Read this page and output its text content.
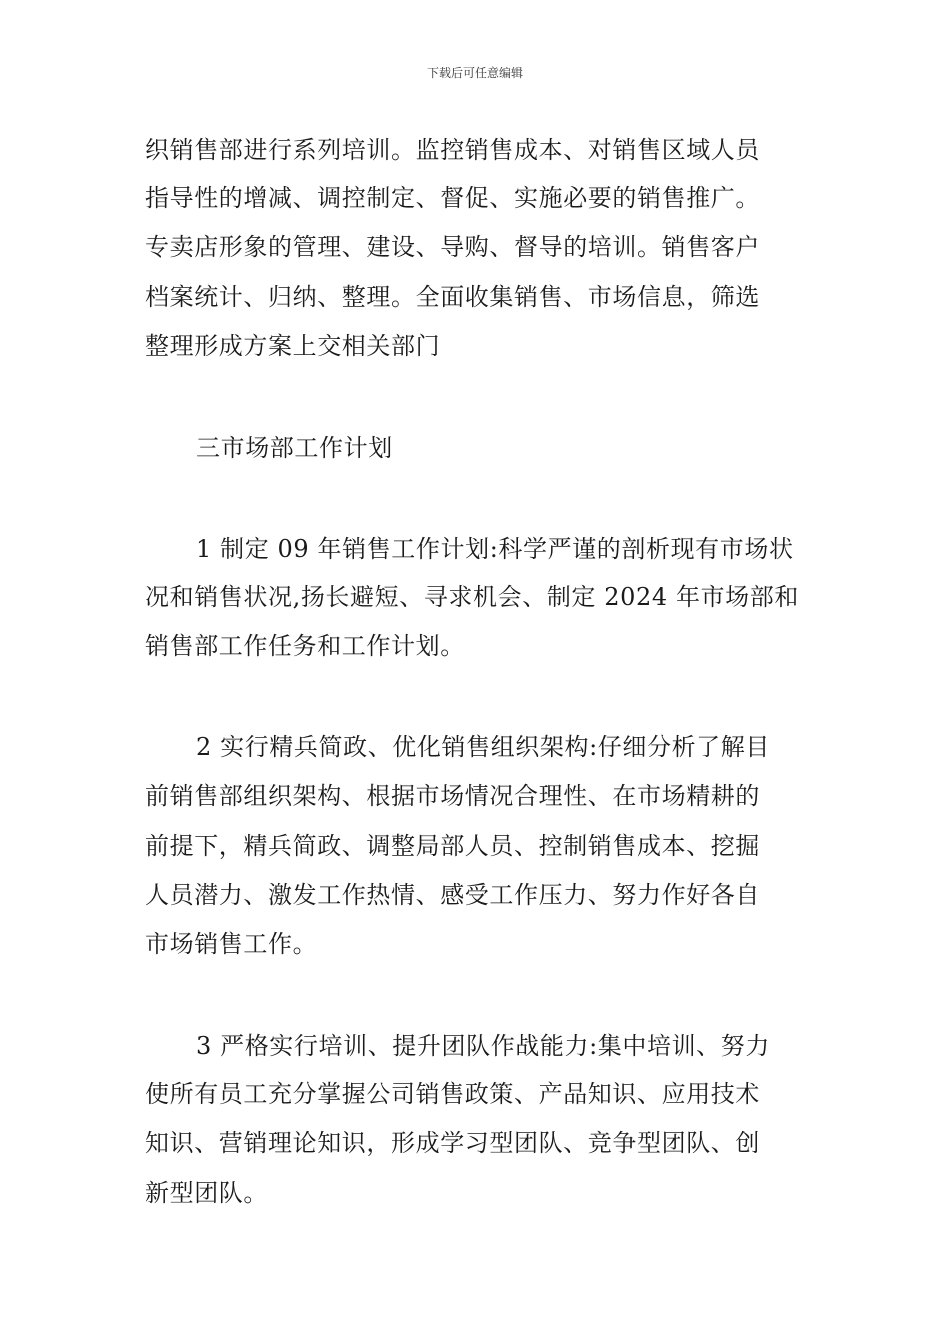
下载后可任意编辑
织销售部进行系列培训。监控销售成本、对销售区域人员
指导性的增减、调控制定、督促、实施必要的销售推广。
专卖店形象的管理、建设、导购、督导的培训。销售客户
档案统计、归纳、整理。全面收集销售、市场信息，筛选
整理形成方案上交相关部门
三市场部工作计划
1 制定 09 年销售工作计划:科学严谨的剖析现有市场状
况和销售状况,扬长避短、寻求机会、制定 2024 年市场部和
销售部工作任务和工作计划。
2 实行精兵简政、优化销售组织架构:仔细分析了解目
前销售部组织架构、根据市场情况合理性、在市场精耕的
前提下，精兵简政、调整局部人员、控制销售成本、挖掘
人员潜力、激发工作热情、感受工作压力、努力作好各自
市场销售工作。
3 严格实行培训、提升团队作战能力:集中培训、努力
使所有员工充分掌握公司销售政策、产品知识、应用技术
知识、营销理论知识，形成学习型团队、竞争型团队、创
新型团队。
